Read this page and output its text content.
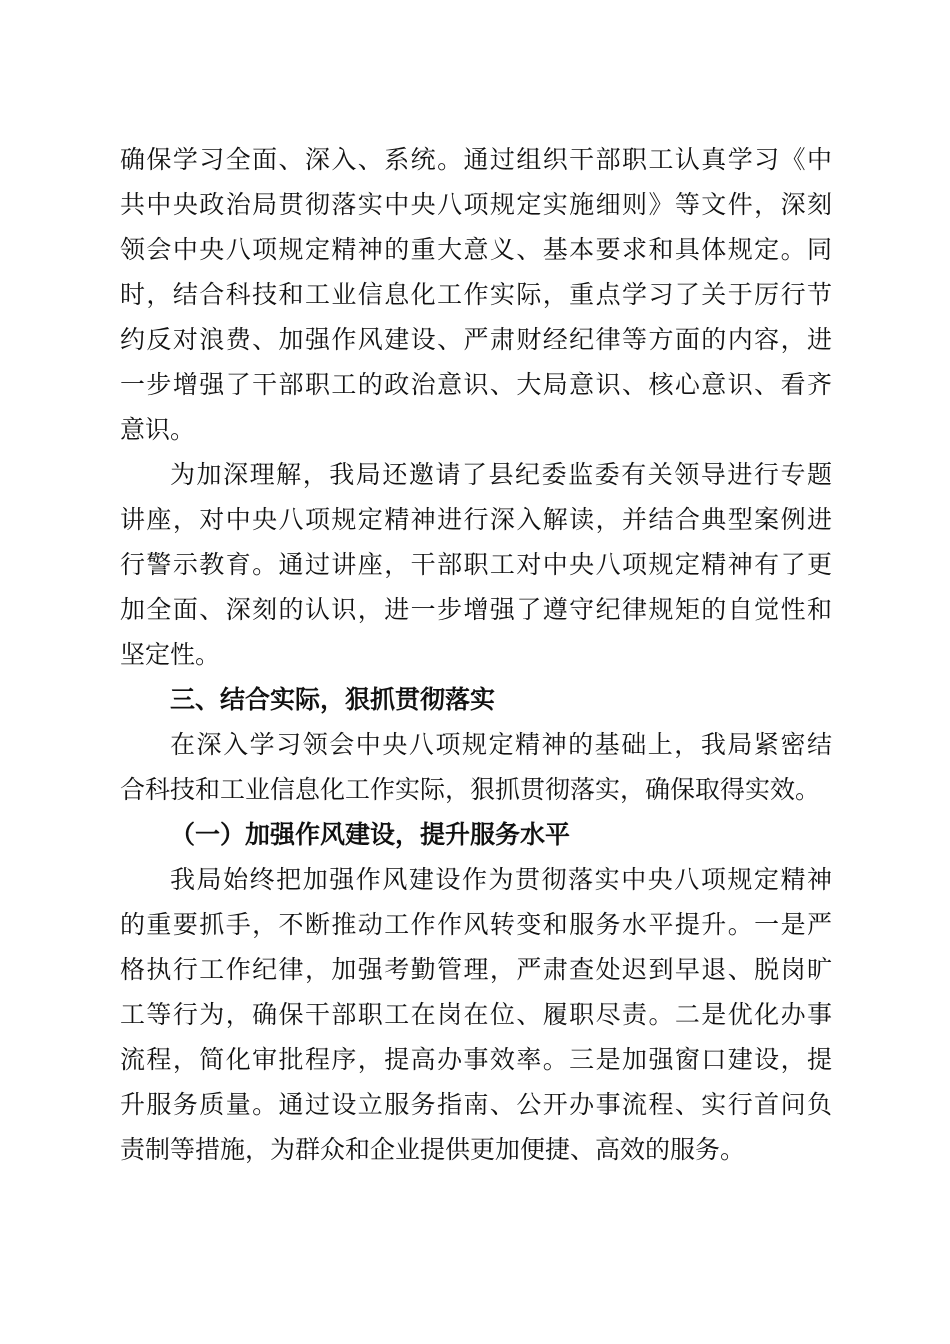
确保学习全面、深入、系统。通过组织干部职工认真学习《中
共中央政治局贯彻落实中央八项规定实施细则》等文件，深刻
领会中央八项规定精神的重大意义、基本要求和具体规定。同
时，结合科技和工业信息化工作实际，重点学习了关于厉行节
约反对浪费、加强作风建设、严肃财经纪律等方面的内容，进
一步增强了干部职工的政治意识、大局意识、核心意识、看齐
意识。
为加深理解，我局还邀请了县纪委监委有关领导进行专题
讲座，对中央八项规定精神进行深入解读，并结合典型案例进
行警示教育。通过讲座，干部职工对中央八项规定精神有了更
加全面、深刻的认识，进一步增强了遵守纪律规矩的自觉性和
坚定性。
三、结合实际，狠抓贯彻落实
在深入学习领会中央八项规定精神的基础上，我局紧密结
合科技和工业信息化工作实际，狠抓贯彻落实，确保取得实效。
（一）加强作风建设，提升服务水平
我局始终把加强作风建设作为贯彻落实中央八项规定精神
的重要抓手，不断推动工作作风转变和服务水平提升。一是严
格执行工作纪律，加强考勤管理，严肃查处迟到早退、脱岗旷
工等行为，确保干部职工在岗在位、履职尽责。二是优化办事
流程，简化审批程序，提高办事效率。三是加强窗口建设，提
升服务质量。通过设立服务指南、公开办事流程、实行首问负
责制等措施，为群众和企业提供更加便捷、高效的服务。
